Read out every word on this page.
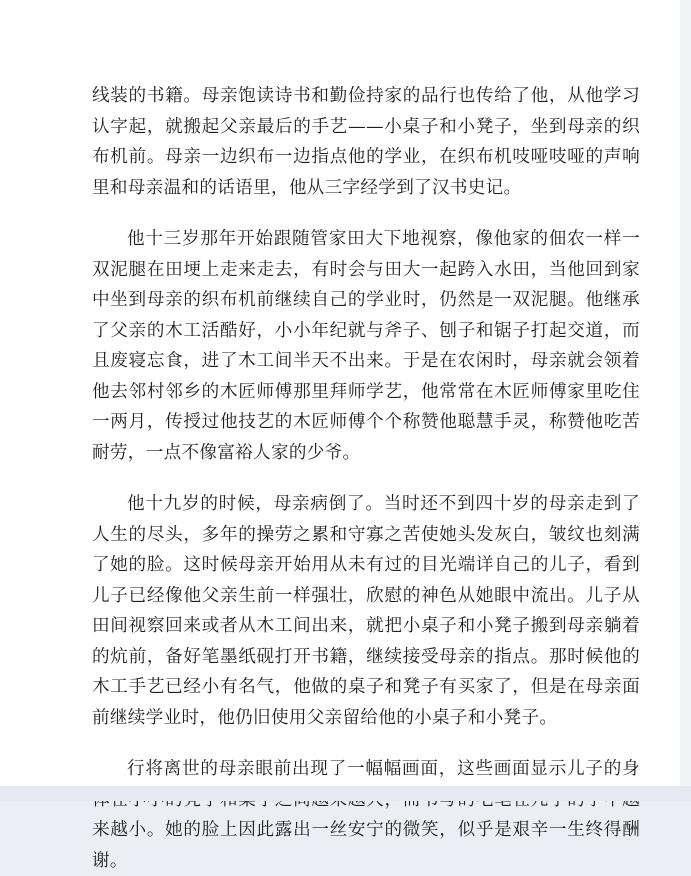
线装的书籍。母亲饱读诗书和勤俭持家的品行也传给了他，从他学习认字起，就搬起父亲最后的手艺——小桌子和小凳子，坐到母亲的织布机前。母亲一边织布一边指点他的学业，在织布机吱哑吱哑的声响里和母亲温和的话语里，他从三字经学到了汉书史记。

他十三岁那年开始跟随管家田大下地视察，像他家的佃农一样一双泥腿在田埂上走来走去，有时会与田大一起跨入水田，当他回到家中坐到母亲的织布机前继续自己的学业时，仍然是一双泥腿。他继承了父亲的木工活酷好，小小年纪就与斧子、刨子和锯子打起交道，而且废寝忘食，进了木工间半天不出来。于是在农闲时，母亲就会领着他去邻村邻乡的木匠师傅那里拜师学艺，他常常在木匠师傅家里吃住一两月，传授过他技艺的木匠师傅个个称赞他聪慧手灵，称赞他吃苦耐劳，一点不像富裕人家的少爷。

他十九岁的时候，母亲病倒了。当时还不到四十岁的母亲走到了人生的尽头，多年的操劳之累和守寡之苦使她头发灰白，皱纹也刻满了她的脸。这时候母亲开始用从未有过的目光端详自己的儿子，看到儿子已经像他父亲生前一样强壮，欣慰的神色从她眼中流出。儿子从田间视察回来或者从木工间出来，就把小桌子和小凳子搬到母亲躺着的炕前，备好笔墨纸砚打开书籍，继续接受母亲的指点。那时候他的木工手艺已经小有名气，他做的桌子和凳子有买家了，但是在母亲面前继续学业时，他仍旧使用父亲留给他的小桌子和小凳子。

行将离世的母亲眼前出现了一幅幅画面，这些画面显示儿子的身 来越小。她的脸上因此露出一丝安宁的微笑，似乎是艰辛一生终得酬谢。
